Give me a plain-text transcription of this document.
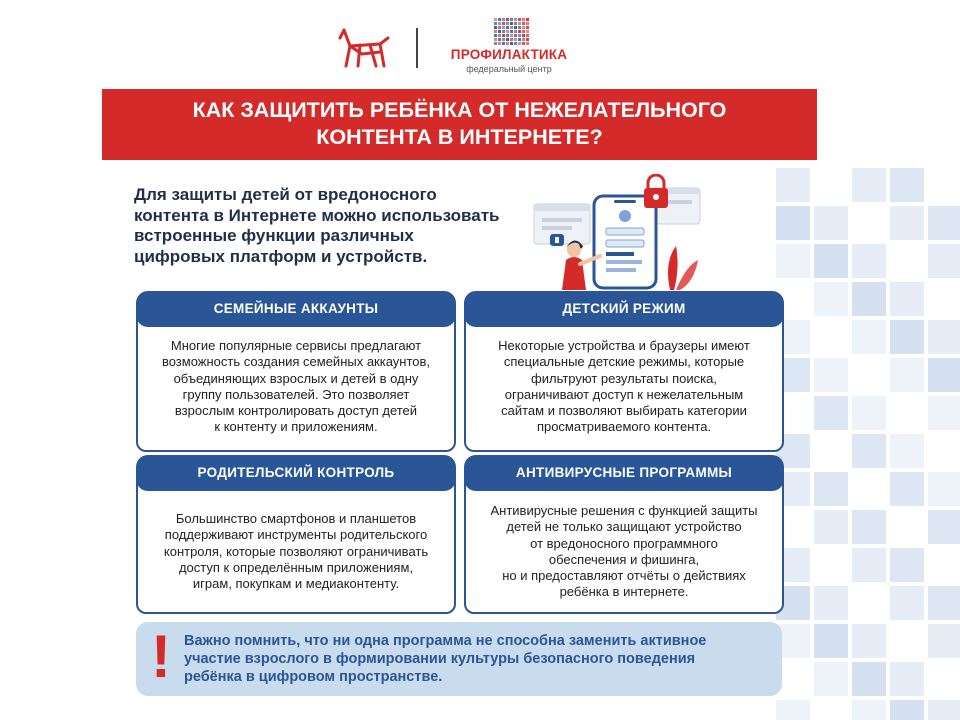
ПРОФИЛАКТИКА
федеральный центр
КАК ЗАЩИТИТЬ РЕБЁНКА ОТ НЕЖЕЛАТЕЛЬНОГО
КОНТЕНТА В ИНТЕРНЕТЕ?
Для защиты детей от вредоносного
контента в Интернете можно использовать
встроенные функции различных
цифровых платформ и устройств.
СЕМЕЙНЫЕ АККАУНТЫ
Многие популярные сервисы предлагают
возможность создания семейных аккаунтов,
объединяющих взрослых и детей в одну
группу пользователей. Это позволяет
взрослым контролировать доступ детей
к контенту и приложениям.
ДЕТСКИЙ РЕЖИМ
Некоторые устройства и браузеры имеют
специальные детские режимы, которые
фильтруют результаты поиска,
ограничивают доступ к нежелательным
сайтам и позволяют выбирать категории
просматриваемого контента.
РОДИТЕЛЬСКИЙ КОНТРОЛЬ
Большинство смартфонов и планшетов
поддерживают инструменты родительского
контроля, которые позволяют ограничивать
доступ к определённым приложениям,
играм, покупкам и медиаконтенту.
АНТИВИРУСНЫЕ ПРОГРАММЫ
Антивирусные решения с функцией защиты
детей не только защищают устройство
от вредоносного программного
обеспечения и фишинга,
но и предоставляют отчёты о действиях
ребёнка в интернете.
! Важно помнить, что ни одна программа не способна заменить активное
участие взрослого в формировании культуры безопасного поведения
ребёнка в цифровом пространстве.
